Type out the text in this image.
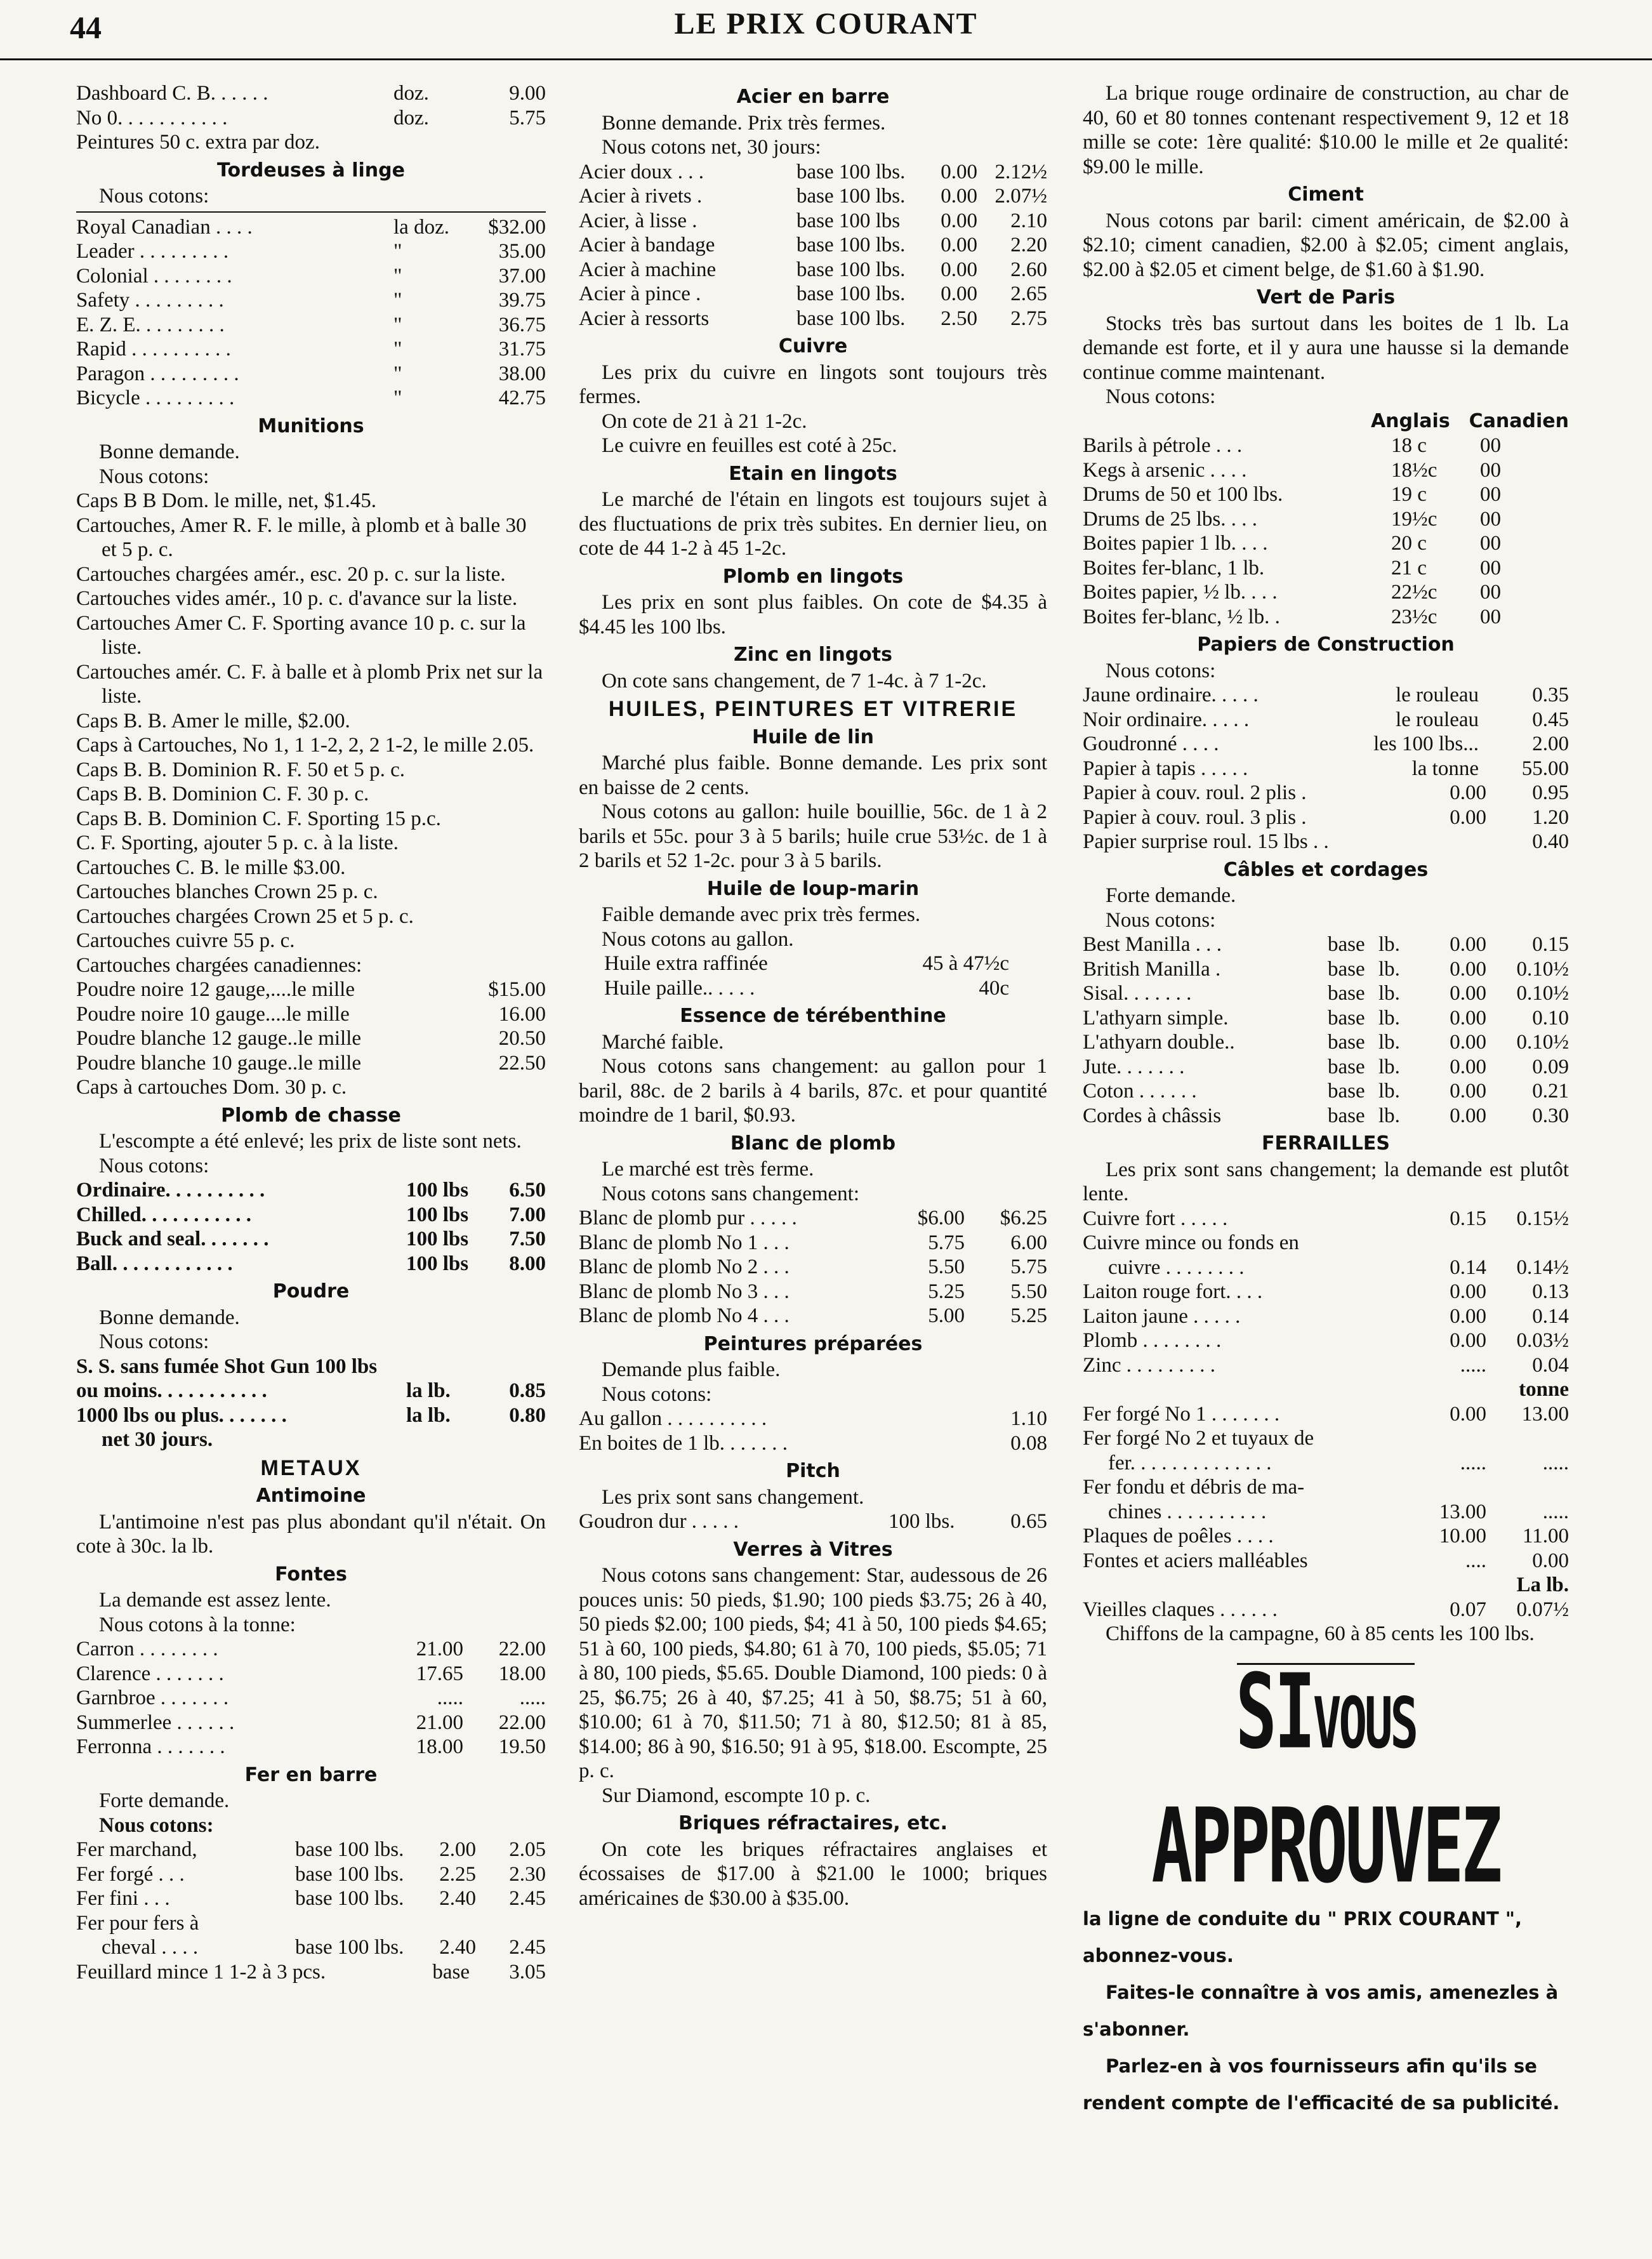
44	LE PRIX COURANT
Dashboard C. B. . . . . .	doz.	9.00
No 0. . . . . . . . . . .	doz.	5.75
Peintures 50 c. extra par doz.
Tordeuses à linge
Nous cotons:
Royal Canadian . . . .	la doz.	$32.00
Leader . . . . . . . . .	"	35.00
Colonial . . . . . . . .	"	37.00
Safety . . . . . . . . .	"	39.75
E. Z. E. . . . . . . . .	"	36.75
Rapid . . . . . . . . . .	"	31.75
Paragon . . . . . . . . .	"	38.00
Bicycle . . . . . . . . .	"	42.75
Munitions
Bonne demande.
Nous cotons:
Caps B B Dom. le mille, net, $1.45.
Cartouches, Amer R. F. le mille, à plomb et à balle 30 et 5 p. c.
Cartouches chargées amér., esc. 20 p. c. sur la liste.
Cartouches vides amér., 10 p. c. d'avance sur la liste.
Cartouches Amer C. F. Sporting avance 10 p. c. sur la liste.
Cartouches amér. C. F. à balle et à plomb Prix net sur la liste.
Caps B. B. Amer le mille, $2.00.
Caps à Cartouches, No 1, 1 1-2, 2, 2 1-2, le mille 2.05.
Caps B. B. Dominion R. F. 50 et 5 p. c.
Caps B. B. Dominion C. F. 30 p. c.
Caps B. B. Dominion C. F. Sporting 15 p.c.
C. F. Sporting, ajouter 5 p. c. à la liste.
Cartouches C. B. le mille $3.00.
Cartouches blanches Crown 25 p. c.
Cartouches chargées Crown 25 et 5 p. c.
Cartouches cuivre 55 p. c.
Cartouches chargées canadiennes:
Poudre noire 12 gauge,....le mille	$15.00
Poudre noire 10 gauge....le mille	16.00
Poudre blanche 12 gauge..le mille	20.50
Poudre blanche 10 gauge..le mille	22.50
Caps à cartouches Dom. 30 p. c.
Plomb de chasse
L'escompte a été enlevé; les prix de liste sont nets.
Nous cotons:
Ordinaire. . . . . . . . . .	100 lbs	6.50
Chilled. . . . . . . . . . .	100 lbs	7.00
Buck and seal. . . . . . .	100 lbs	7.50
Ball. . . . . . . . . . . .	100 lbs	8.00
Poudre
Bonne demande.
Nous cotons:
S. S. sans fumée Shot Gun 100 lbs
ou moins. . . . . . . . . . .	la lb.	0.85
1000 lbs ou plus. . . . . . .	la lb.	0.80
net 30 jours.
METAUX
Antimoine
L'antimoine n'est pas plus abondant qu'il n'était. On cote à 30c. la lb.
Fontes
La demande est assez lente.
Nous cotons à la tonne:
Carron . . . . . . . .	21.00	22.00
Clarence . . . . . . .	17.65	18.00
Garnbroe . . . . . . .	.....	.....
Summerlee . . . . . .	21.00	22.00
Ferronna . . . . . . .	18.00	19.50
Fer en barre
Forte demande.
Nous cotons:
Fer marchand,	base 100 lbs.	2.00	2.05
Fer forgé . . .	base 100 lbs.	2.25	2.30
Fer fini . . .	base 100 lbs.	2.40	2.45
Fer pour fers à
cheval . . . .	base 100 lbs.	2.40	2.45
Feuillard mince 1 1-2 à 3 pcs.	base	3.05
Acier en barre
Bonne demande. Prix très fermes.
Nous cotons net, 30 jours:
Acier doux . . .	base 100 lbs.	0.00 2.12½
Acier à rivets .	base 100 lbs.	0.00 2.07½
Acier, à lisse .	base 100 lbs	0.00	2.10
Acier à bandage	base 100 lbs.	0.00	2.20
Acier à machine	base 100 lbs.	0.00	2.60
Acier à pince .	base 100 lbs.	0.00	2.65
Acier à ressorts	base 100 lbs.	2.50	2.75
Cuivre
Les prix du cuivre en lingots sont toujours très fermes.
On cote de 21 à 21 1-2c.
Le cuivre en feuilles est coté à 25c.
Etain en lingots
Le marché de l'étain en lingots est toujours sujet à des fluctuations de prix très subites. En dernier lieu, on cote de 44 1-2 à 45 1-2c.
Plomb en lingots
Les prix en sont plus faibles. On cote de $4.35 à $4.45 les 100 lbs.
Zinc en lingots
On cote sans changement, de 7 1-4c. à 7 1-2c.
HUILES, PEINTURES ET VITRERIE
Huile de lin
Marché plus faible. Bonne demande. Les prix sont en baisse de 2 cents.
Nous cotons au gallon: huile bouillie, 56c. de 1 à 2 barils et 55c. pour 3 à 5 barils; huile crue 53½c. de 1 à 2 barils et 52 1-2c. pour 3 à 5 barils.
Huile de loup-marin
Faible demande avec prix très fermes.
Nous cotons au gallon.
Huile extra raffinée	45 à 47½c
Huile paille.. . . . .	40c
Essence de térébenthine
Marché faible.
Nous cotons sans changement: au gallon pour 1 baril, 88c. de 2 barils à 4 barils, 87c. et pour quantité moindre de 1 baril, $0.93.
Blanc de plomb
Le marché est très ferme.
Nous cotons sans changement:
Blanc de plomb pur . . . . .	$6.00	$6.25
Blanc de plomb No 1 . . .	5.75	6.00
Blanc de plomb No 2 . . .	5.50	5.75
Blanc de plomb No 3 . . .	5.25	5.50
Blanc de plomb No 4 . . .	5.00	5.25
Peintures préparées
Demande plus faible.
Nous cotons:
Au gallon . . . . . . . . . .	1.10
En boites de 1 lb. . . . . . .	0.08
Pitch
Les prix sont sans changement.
Goudron dur . . . . .	100 lbs.	0.65
Verres à Vitres
Nous cotons sans changement: Star, audessous de 26 pouces unis: 50 pieds, $1.90; 100 pieds $3.75; 26 à 40, 50 pieds $2.00; 100 pieds, $4; 41 à 50, 100 pieds $4.65; 51 à 60, 100 pieds, $4.80; 61 à 70, 100 pieds, $5.05; 71 à 80, 100 pieds, $5.65. Double Diamond, 100 pieds: 0 à 25, $6.75; 26 à 40, $7.25; 41 à 50, $8.75; 51 à 60, $10.00; 61 à 70, $11.50; 71 à 80, $12.50; 81 à 85, $14.00; 86 à 90, $16.50; 91 à 95, $18.00. Escompte, 25 p. c.
Sur Diamond, escompte 10 p. c.
Briques réfractaires, etc.
On cote les briques réfractaires anglaises et écossaises de $17.00 à $21.00 le 1000; briques américaines de $30.00 à $35.00.
La brique rouge ordinaire de construction, au char de 40, 60 et 80 tonnes contenant respectivement 9, 12 et 18 mille se cote: 1ère qualité: $10.00 le mille et 2e qualité: $9.00 le mille.
Ciment
Nous cotons par baril: ciment américain, de $2.00 à $2.10; ciment canadien, $2.00 à $2.05; ciment anglais, $2.00 à $2.05 et ciment belge, de $1.60 à $1.90.
Vert de Paris
Stocks très bas surtout dans les boites de 1 lb. La demande est forte, et il y aura une hausse si la demande continue comme maintenant.
Nous cotons:
Anglais Canadien
Barils à pétrole . . .	18 c	00
Kegs à arsenic . . . .	18½c	00
Drums de 50 et 100 lbs.	19 c	00
Drums de 25 lbs. . . .	19½c	00
Boites papier 1 lb. . . .	20 c	00
Boites fer-blanc, 1 lb.	21 c	00
Boites papier, ½ lb. . . .	22½c	00
Boites fer-blanc, ½ lb. .	23½c	00
Papiers de Construction
Nous cotons:
Jaune ordinaire. . . . .	le rouleau	0.35
Noir ordinaire. . . . .	le rouleau	0.45
Goudronné . . . .	les 100 lbs...	2.00
Papier à tapis . . . . .	la tonne	55.00
Papier à couv. roul. 2 plis .	0.00	0.95
Papier à couv. roul. 3 plis .	0.00	1.20
Papier surprise roul. 15 lbs . .	0.40
Câbles et cordages
Forte demande.
Nous cotons:
Best Manilla . . .	base lb.	0.00	0.15
British Manilla .	base lb.	0.00	0.10½
Sisal. . . . . . .	base lb.	0.00	0.10½
L'athyarn simple.	base lb.	0.00	0.10
L'athyarn double..	base lb.	0.00	0.10½
Jute. . . . . . .	base lb.	0.00	0.09
Coton . . . . . .	base lb.	0.00	0.21
Cordes à châssis	base lb.	0.00	0.30
FERRAILLES
Les prix sont sans changement; la demande est plutôt lente.
Cuivre fort . . . . .	0.15	0.15½
Cuivre mince ou fonds en
cuivre . . . . . . . .	0.14	0.14½
Laiton rouge fort. . . .	0.00	0.13
Laiton jaune . . . . .	0.00	0.14
Plomb . . . . . . . .	0.00	0.03½
Zinc . . . . . . . . .	.....	0.04
tonne
Fer forgé No 1 . . . . . . .	0.00	13.00
Fer forgé No 2 et tuyaux de
fer. . . . . . . . . . . . . .	.....	.....
Fer fondu et débris de ma-
chines . . . . . . . . . .	13.00	.....
Plaques de poêles . . . .	10.00	11.00
Fontes et aciers malléables	....	0.00
La lb.
Vieilles claques . . . . . .	0.07	0.07½
Chiffons de la campagne, 60 à 85 cents les 100 lbs.
SIVOUS APPROUVEZ
la ligne de conduite du " PRIX COURANT ", abonnez-vous.
Faites-le connaître à vos amis, amenezles à s'abonner.
Parlez-en à vos fournisseurs afin qu'ils se rendent compte de l'efficacité de sa publicité.
